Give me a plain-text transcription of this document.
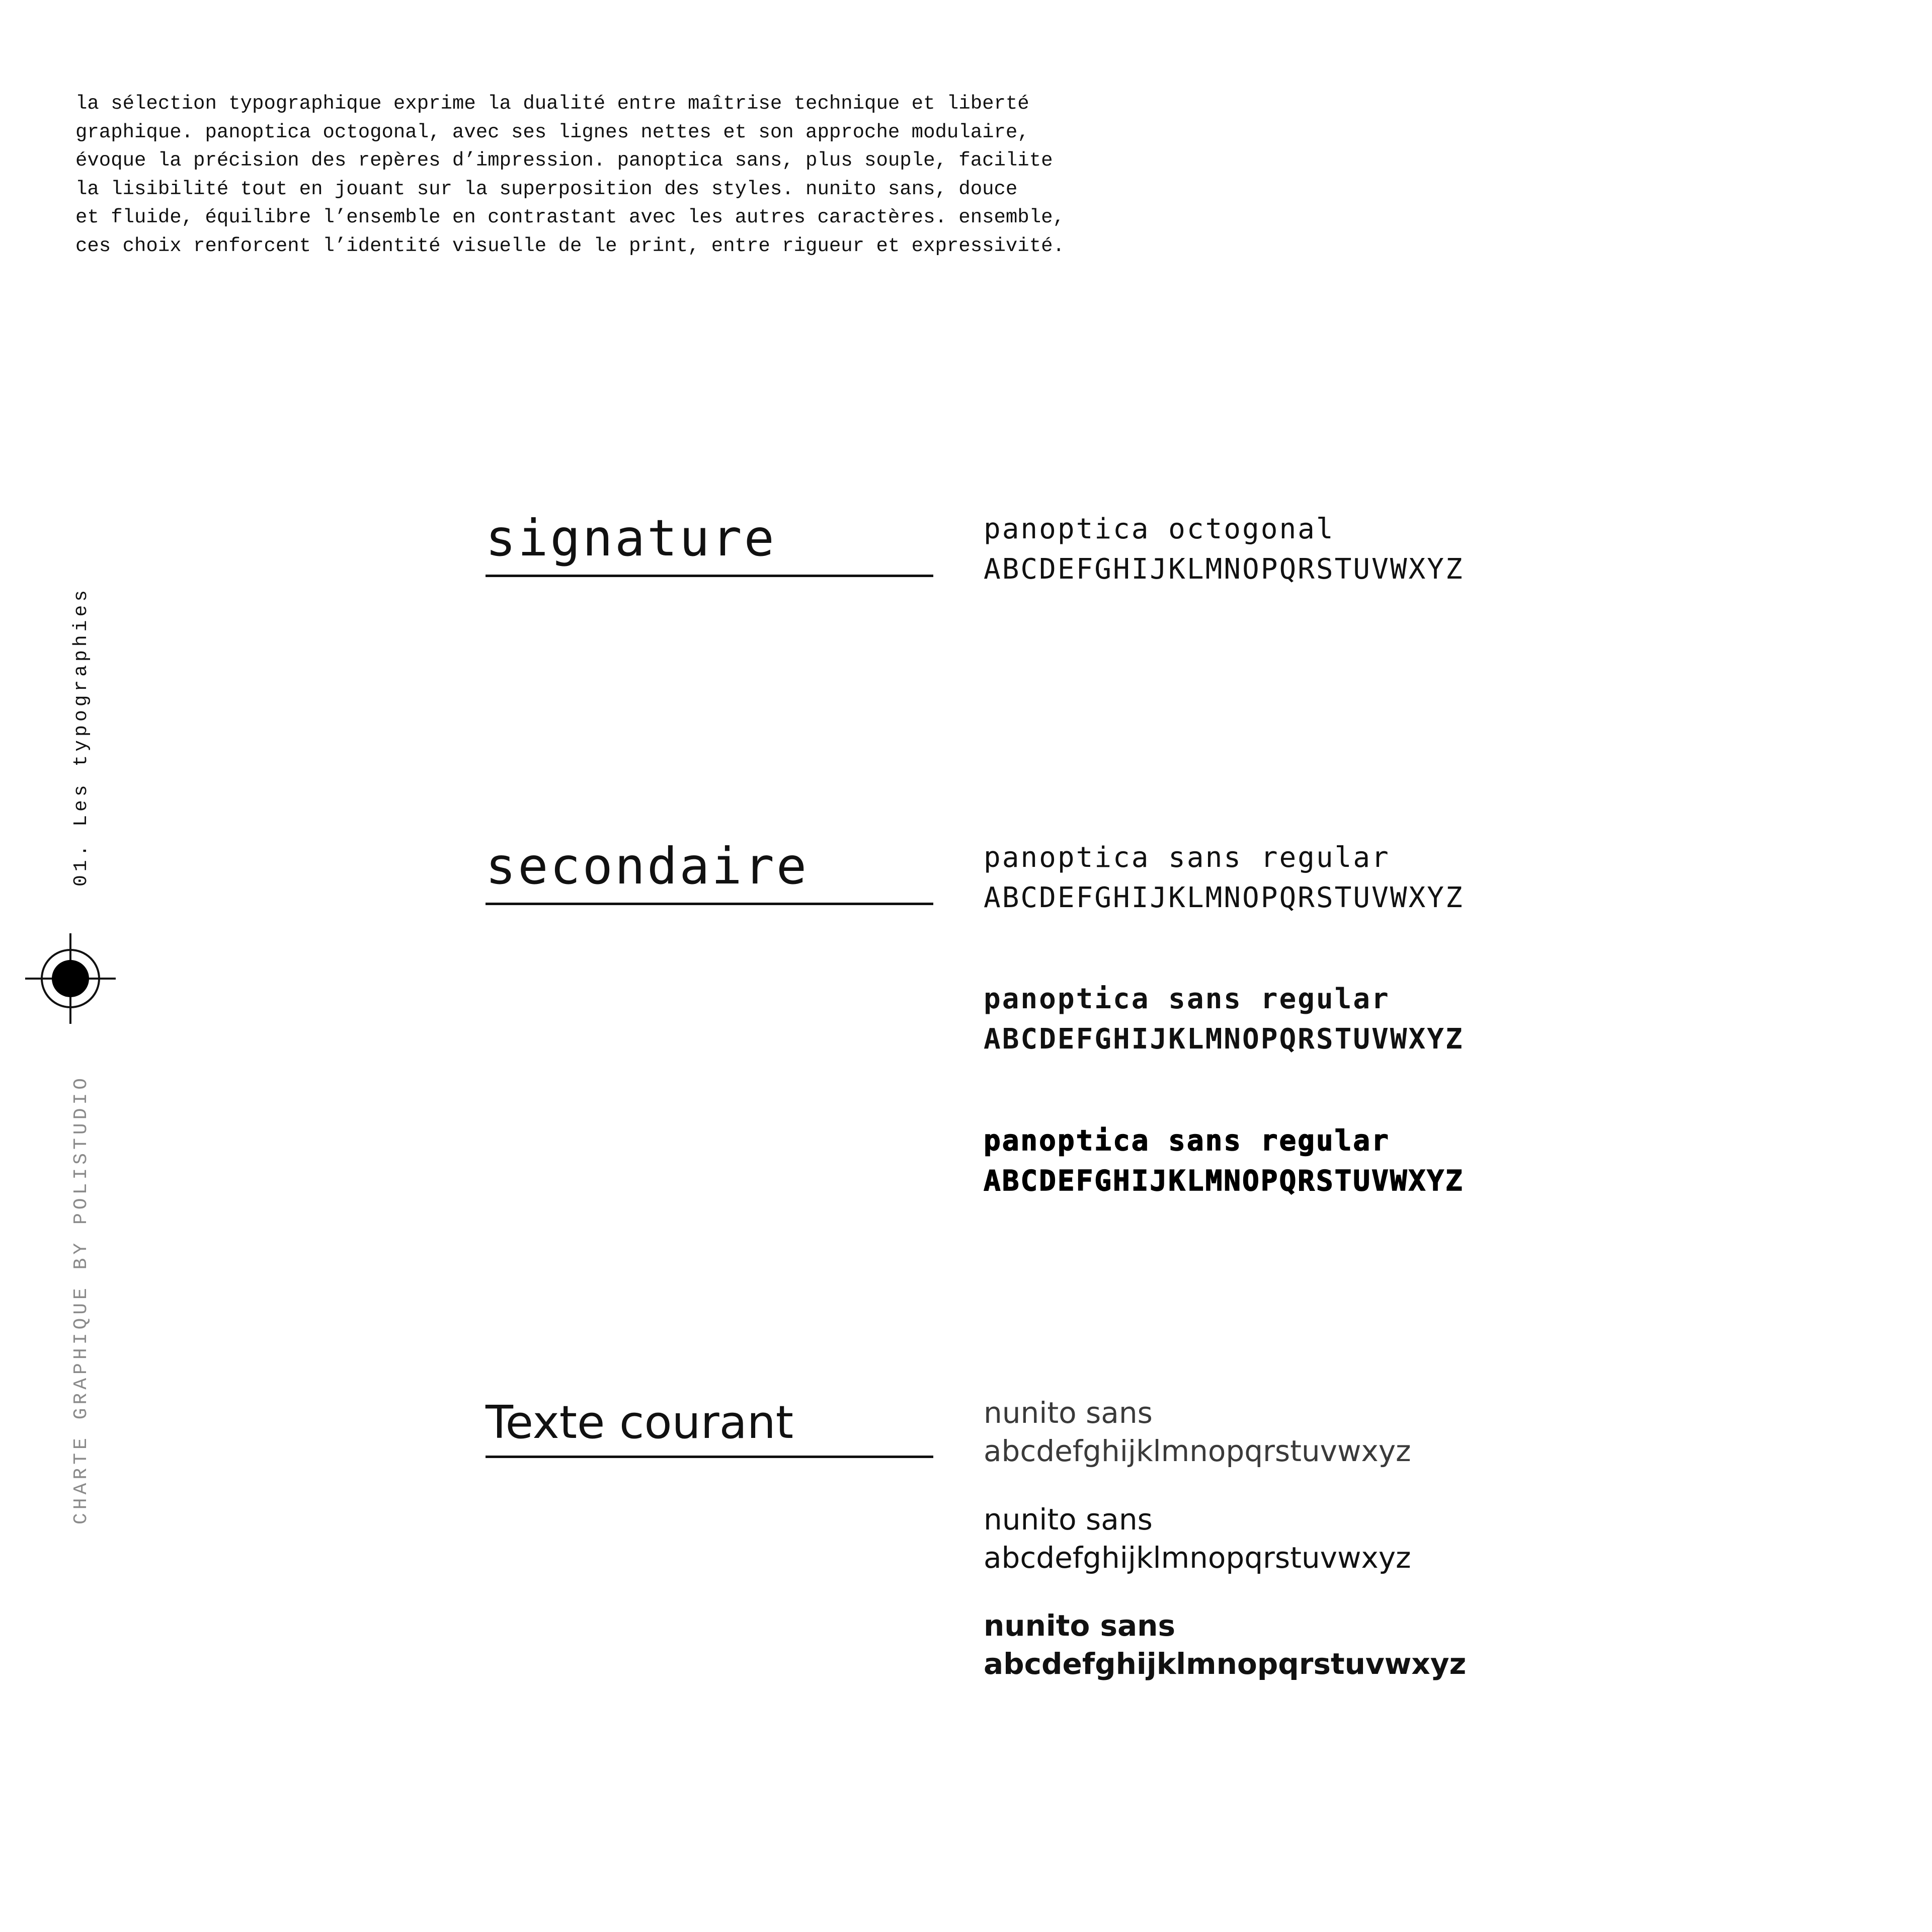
la sélection typographique exprime la dualité entre maîtrise technique et liberté
graphique. panoptica octogonal, avec ses lignes nettes et son approche modulaire,
évoque la précision des repères d’impression. panoptica sans, plus souple, facilite
la lisibilité tout en jouant sur la superposition des styles. nunito sans, douce
et fluide, équilibre l’ensemble en contrastant avec les autres caractères. ensemble,
ces choix renforcent l’identité visuelle de le print, entre rigueur et expressivité.

01. Les typographies
CHARTE GRAPHIQUE BY POLISTUDIO
signature	panoptica octogonal
ABCDEFGHIJKLMNOPQRSTUVWXYZ
secondaire	panoptica sans regular
ABCDEFGHIJKLMNOPQRSTUVWXYZ
panoptica sans regular
ABCDEFGHIJKLMNOPQRSTUVWXYZ
panoptica sans regular
ABCDEFGHIJKLMNOPQRSTUVWXYZ
Texte courant	nunito sans
abcdefghijklmnopqrstuvwxyz
nunito sans
abcdefghijklmnopqrstuvwxyz
nunito sans
abcdefghijklmnopqrstuvwxyz
